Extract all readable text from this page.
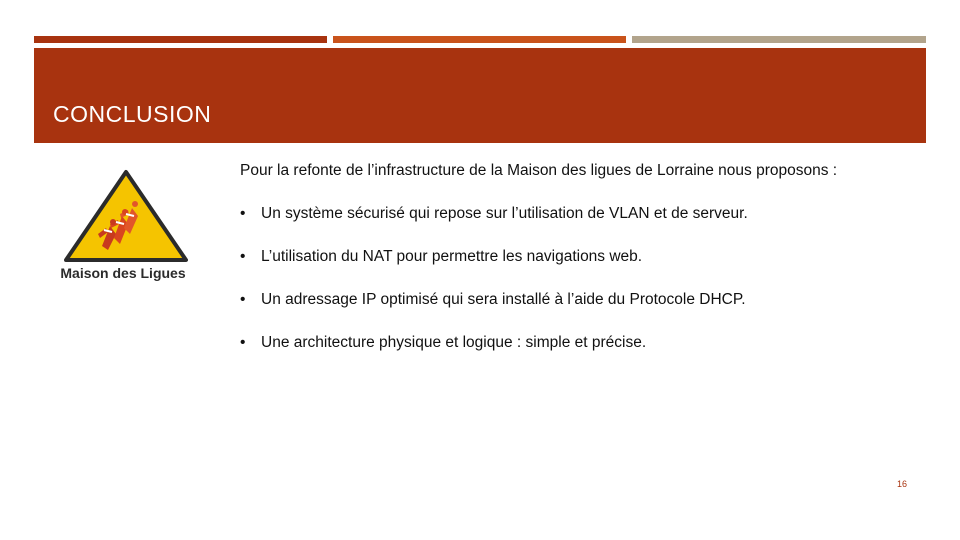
CONCLUSION
Maison des Ligues

Pour la refonte de l’infrastructure de la Maison des ligues de Lorraine nous proposons :

• Un système sécurisé qui repose sur l’utilisation de VLAN et de serveur.
• L’utilisation du NAT pour permettre les navigations web.
• Un adressage IP optimisé qui sera installé à l’aide du Protocole DHCP.
• Une architecture physique et logique : simple et précise.
16
